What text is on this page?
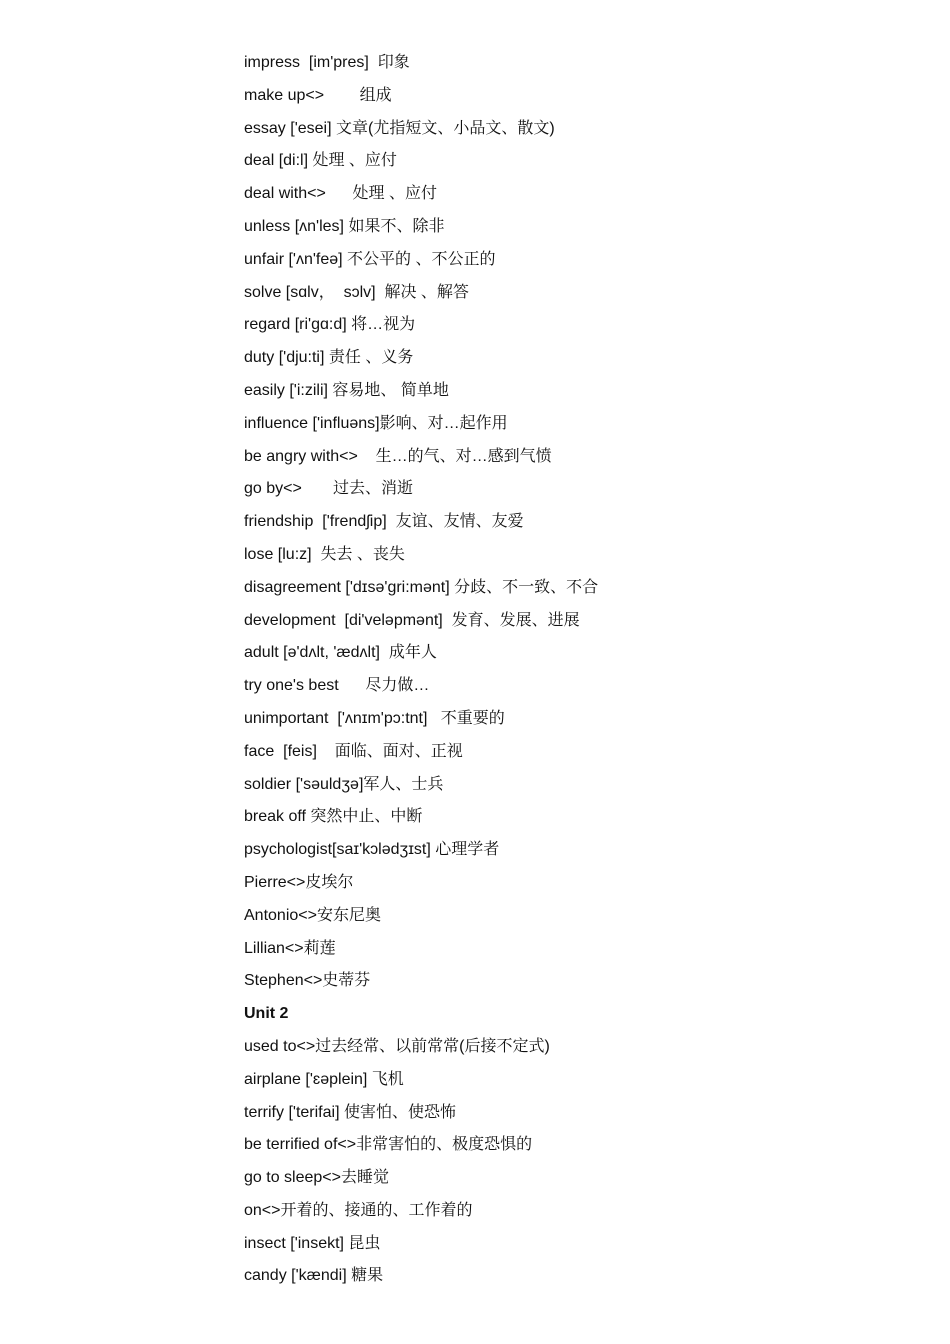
impress  [im'pres]  印象
make up<>        组成
essay ['esei] 文章(尤指短文、小品文、散文)
deal [di:l] 处理 、应付
deal with<>      处理 、应付
unless [ʌn'les] 如果不、除非
unfair ['ʌn'feə] 不公平的 、不公正的
solve [sɑlv，  sɔlv]  解决 、解答
regard [ri'ɡɑ:d] 将…视为
duty ['dju:ti] 责任 、义务
easily ['i:zili] 容易地、 简单地
influence ['influəns]影响、对…起作用
be angry with<>    生…的气、对…感到气愤
go by<>       过去、消逝
friendship  ['frendʃip]  友谊、友情、友爱
lose [lu:z]  失去 、丧失
disagreement ['dɪsə'gri:mənt] 分歧、不一致、不合
development  [di'veləpmənt]  发育、发展、进展
adult [ə'dʌlt, 'ædʌlt]  成年人
try one's best      尽力做…
unimportant  ['ʌnɪm'pɔ:tnt]   不重要的
face  [feis]    面临、面对、正视
soldier ['səuldʒə]军人、士兵
break off 突然中止、中断
psychologist[saɪ'kɔlədʒɪst] 心理学者
Pierre<>皮埃尔
Antonio<>安东尼奥
Lillian<>莉莲
Stephen<>史蒂芬
Unit 2
used to<>过去经常、以前常常(后接不定式)
airplane ['ɛəplein] 飞机
terrify ['terifai] 使害怕、使恐怖
be terrified of<>非常害怕的、极度恐惧的
go to sleep<>去睡觉
on<>开着的、接通的、工作着的
insect ['insekt] 昆虫
candy ['kændi] 糖果
